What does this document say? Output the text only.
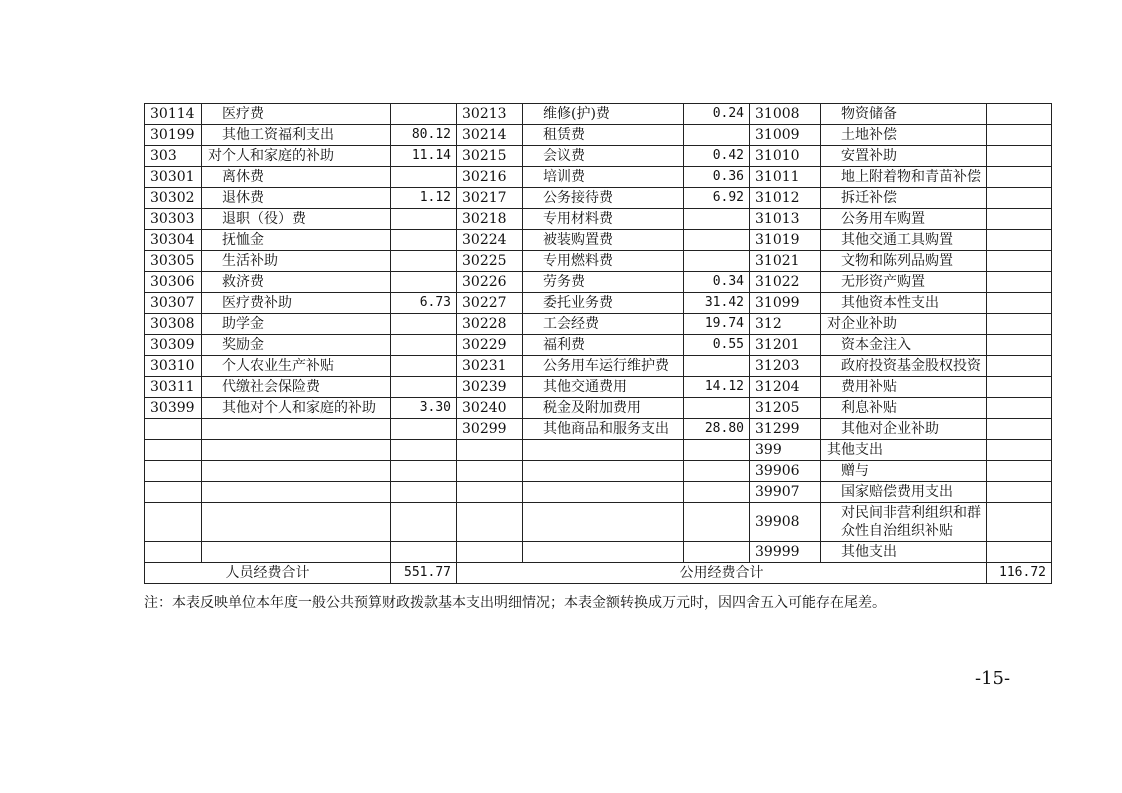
30114	医疗费		30213	维修(护)费	0.24	31008	物资储备	
30199	其他工资福利支出	80.12	30214	租赁费		31009	土地补偿	
303	对个人和家庭的补助	11.14	30215	会议费	0.42	31010	安置补助	
30301	离休费		30216	培训费	0.36	31011	地上附着物和青苗补偿	
30302	退休费	1.12	30217	公务接待费	6.92	31012	拆迁补偿	
30303	退职（役）费		30218	专用材料费		31013	公务用车购置	
30304	抚恤金		30224	被装购置费		31019	其他交通工具购置	
30305	生活补助		30225	专用燃料费		31021	文物和陈列品购置	
30306	救济费		30226	劳务费	0.34	31022	无形资产购置	
30307	医疗费补助	6.73	30227	委托业务费	31.42	31099	其他资本性支出	
30308	助学金		30228	工会经费	19.74	312	对企业补助	
30309	奖励金		30229	福利费	0.55	31201	资本金注入	
30310	个人农业生产补贴		30231	公务用车运行维护费		31203	政府投资基金股权投资	
30311	代缴社会保险费		30239	其他交通费用	14.12	31204	费用补贴	
30399	其他对个人和家庭的补助	3.30	30240	税金及附加费用		31205	利息补贴	
			30299	其他商品和服务支出	28.80	31299	其他对企业补助	
						399	其他支出	
						39906	赠与	
						39907	国家赔偿费用支出	
						39908	对民间非营利组织和群众性自治组织补贴	
						39999	其他支出	
人员经费合计		551.77	公用经费合计					116.72
注：本表反映单位本年度一般公共预算财政拨款基本支出明细情况；本表金额转换成万元时，因四舍五入可能存在尾差。
-15-
